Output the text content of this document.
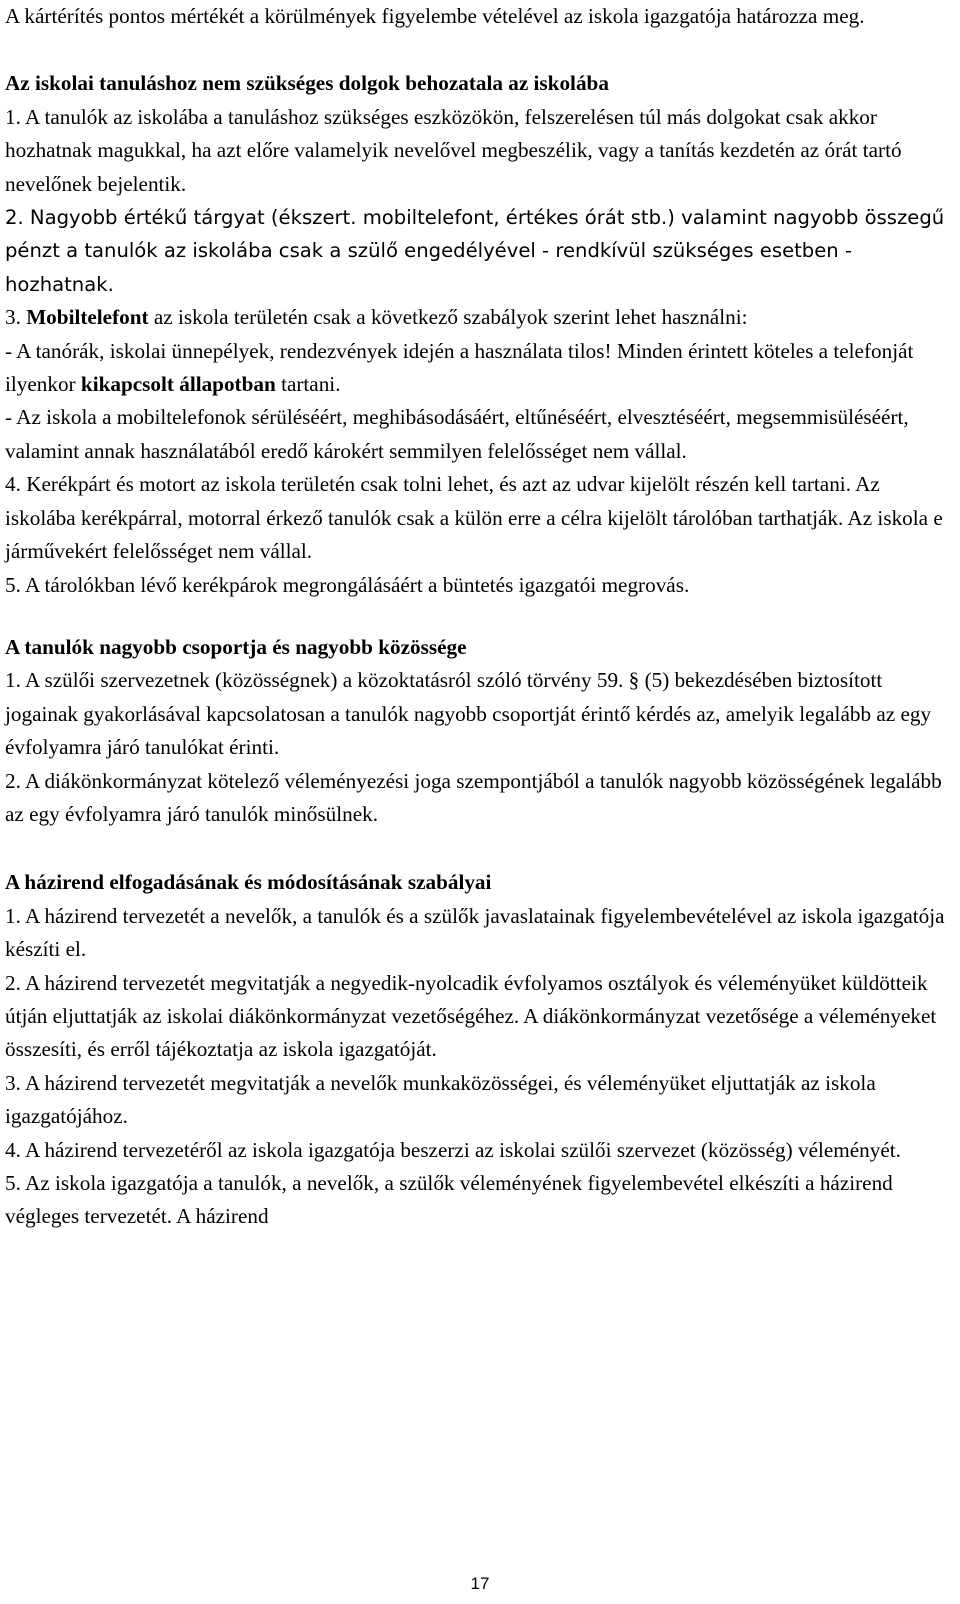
A kártérítés pontos mértékét a körülmények figyelembe vételével az iskola igazgatója határozza meg.

Az iskolai tanuláshoz nem szükséges dolgok behozatala az iskolába

1. A tanulók az iskolába a tanuláshoz szükséges eszközökön, felszerelésen túl más dolgokat csak akkor hozhatnak magukkal, ha azt előre valamelyik nevelővel megbeszélik, vagy a tanítás kezdetén az órát tartó nevelőnek bejelentik.

2. Nagyobb értékű tárgyat (ékszert. mobiltelefont, értékes órát stb.) valamint nagyobb összegű pénzt a tanulók az iskolába csak a szülő engedélyével - rendkívül szükséges esetben - hozhatnak.

3. Mobiltelefont az iskola területén csak a következő szabályok szerint lehet használni:

- A tanórák, iskolai ünnepélyek, rendezvények idején a használata tilos! Minden érintett köteles a telefonját ilyenkor kikapcsolt állapotban tartani.

- Az iskola a mobiltelefonok sérüléséért, meghibásodásáért, eltűnéséért, elvesztéséért, megsemmisüléséért, valamint annak használatából eredő károkért semmilyen felelősséget nem vállal.

4. Kerékpárt és motort az iskola területén csak tolni lehet, és azt az udvar kijelölt részén kell tartani. Az iskolába kerékpárral, motorral érkező tanulók csak a külön erre a célra kijelölt tárolóban tarthatják. Az iskola e járművekért felelősséget nem vállal.

5. A tárolókban lévő kerékpárok megrongálásáért a büntetés igazgatói megrovás.

A tanulók nagyobb csoportja és nagyobb közössége

1. A szülői szervezetnek (közösségnek) a közoktatásról szóló törvény 59. § (5) bekezdésében biztosított jogainak gyakorlásával kapcsolatosan a tanulók nagyobb csoportját érintő kérdés az, amelyik legalább az egy évfolyamra járó tanulókat érinti.

2. A diákönkormányzat kötelező véleményezési joga szempontjából a tanulók nagyobb közösségének legalább az egy évfolyamra járó tanulók minősülnek.

A házirend elfogadásának és módosításának szabályai

1. A házirend tervezetét a nevelők, a tanulók és a szülők javaslatainak figyelembevételével az iskola igazgatója készíti el.

2. A házirend tervezetét megvitatják a negyedik-nyolcadik évfolyamos osztályok és véleményüket küldötteik útján eljuttatják az iskolai diákönkormányzat vezetőségéhez. A diákönkormányzat vezetősége a véleményeket összesíti, és erről tájékoztatja az iskola igazgatóját.

3. A házirend tervezetét megvitatják a nevelők munkaközösségei, és véleményüket eljuttatják az iskola igazgatójához.

4. A házirend tervezetéről az iskola igazgatója beszerzi az iskolai szülői szervezet (közösség) véleményét.

5. Az iskola igazgatója a tanulók, a nevelők, a szülők véleményének figyelembevétel elkészíti a házirend végleges tervezetét. A házirend

17
